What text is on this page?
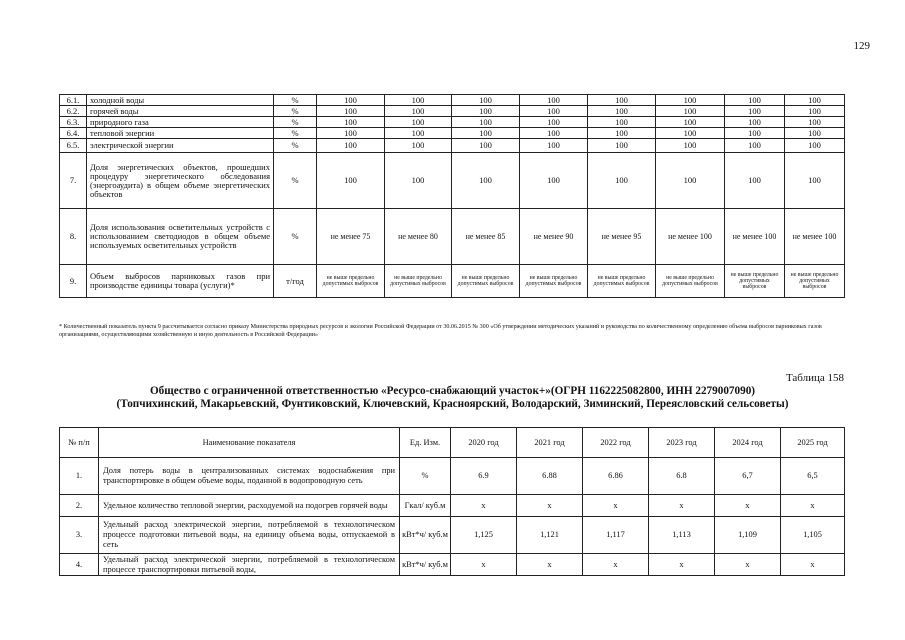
129
6.1.	холодной воды	%	100	100	100	100	100	100	100	100
6.2.	горячей воды	%	100	100	100	100	100	100	100	100
6.3.	природного газа	%	100	100	100	100	100	100	100	100
6.4.	тепловой энергии	%	100	100	100	100	100	100	100	100
6.5.	электрической энергии	%	100	100	100	100	100	100	100	100
7.	Доля энергетических объектов, прошедших процедуру энергетического обследования (энергоаудита) в общем объеме энергетических объектов	%	100	100	100	100	100	100	100	100
8.	Доля использования осветительных устройств с использованием светодиодов в общем объеме используемых осветительных устройств	%	не менее 75	не менее 80	не менее 85	не менее 90	не менее 95	не менее 100	не менее 100	не менее 100
9.	Объем выбросов парниковых газов при производстве единицы товара (услуги)*	т/год	не выше предельно допустимых выбросов	не выше предельно допустимых выбросов	не выше предельно допустимых выбросов	не выше предельно допустимых выбросов	не выше предельно допустимых выбросов	не выше предельно допустимых выбросов	не выше предельно допустимых выбросов	не выше предельно допустимых выбросов
* Количественный показатель пункта 9 рассчитывается согласно приказу Министерства природных ресурсов и экологии Российской Федерации от 30.06.2015 № 300 «Об утверждении методических указаний и руководства по количественному определению объема выбросов парниковых газов организациями, осуществляющими хозяйственную и иную деятельность в Российской Федерации»
Таблица 158
Общество с ограниченной ответственностью «Ресурсо-снабжающий участок+»(ОГРН 1162225082800, ИНН 2279007090)
(Топчихинский, Макарьевский, Фунтиковский, Ключевский, Красноярский, Володарский, Зиминский, Переясловский сельсоветы)
№ п/п	Наименование показателя	Ед. Изм.	2020 год	2021 год	2022 год	2023 год	2024 год	2025 год
1.	Доля потерь воды в централизованных системах водоснабжения при транспортировке в общем объеме воды, поданной в водопроводную сеть	%	6.9	6.88	6.86	6.8	6,7	6,5
2.	Удельное количество тепловой энергии, расходуемой на подогрев горячей воды	Гкал/ куб.м	х	х	х	х	х	х
3.	Удельный расход электрической энергии, потребляемой в технологическом процессе подготовки питьевой воды, на единицу объема воды, отпускаемой в сеть	кВт*ч/ куб.м	1,125	1,121	1,117	1,113	1,109	1,105
4.	Удельный расход электрической энергии, потребляемой в технологическом процессе транспортировки питьевой воды,	кВт*ч/ куб.м	х	х	х	х	х	х
